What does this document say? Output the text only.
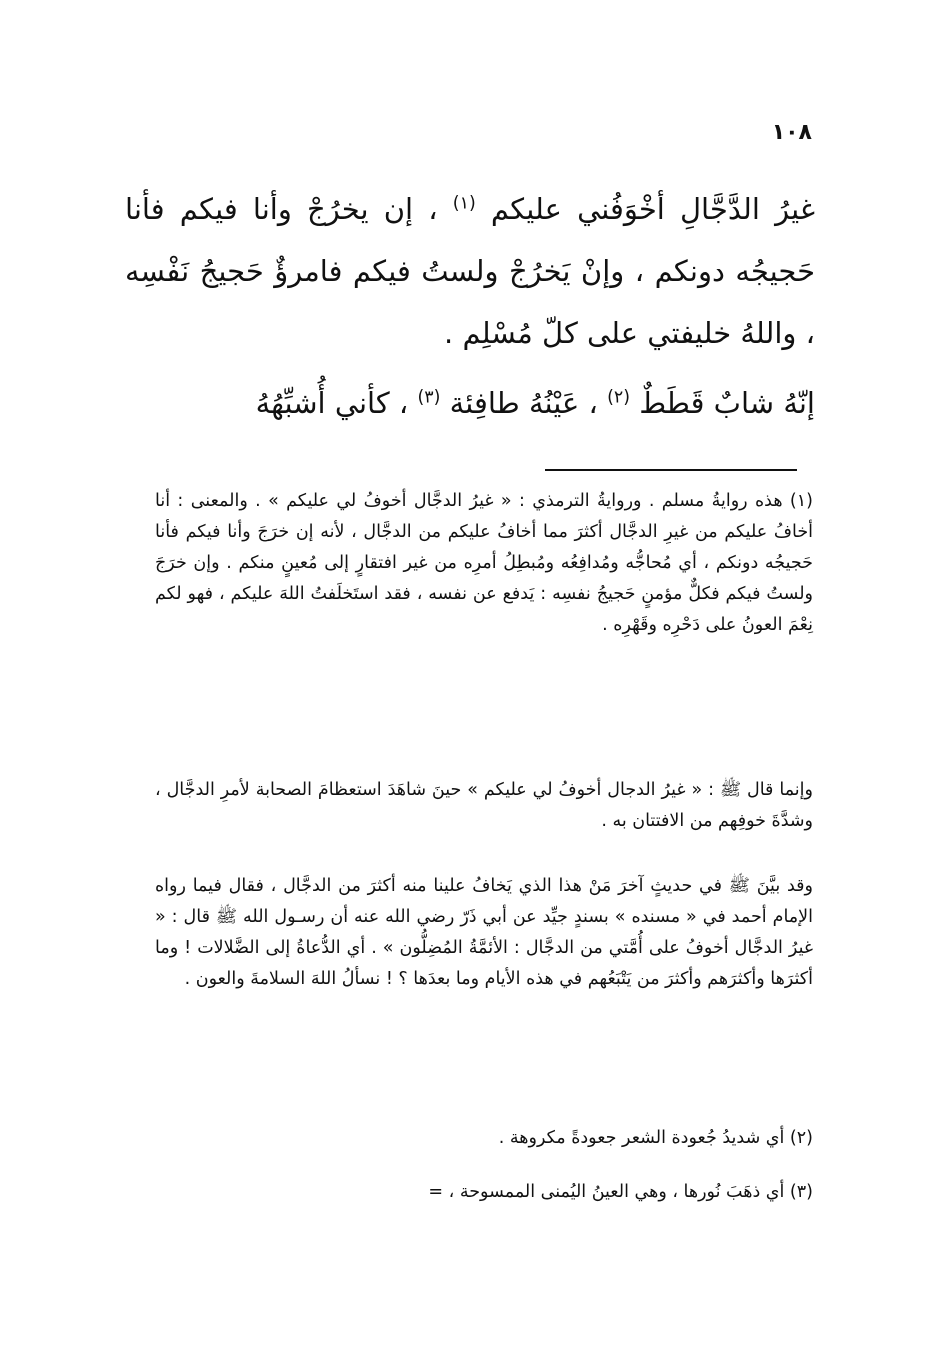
١٠٨
غيرُ الدَّجَّالِ أخْوَفُني عليكم $^{(١)}$ ، إن يخرُجْ وأنا فيكم فأنا حَجيجُه دونكم ، وإنْ يَخرُجْ ولستُ فيكم فامرؤٌ حَجيجُ نَفْسِه ، واللهُ خليفتي على كلّ مُسْلِم .
إنّهُ شابٌ قَطَطٌ $^{(٢)}$ ، عَيْنُهُ طافِئة $^{(٣)}$ ، كأني أُشبِّهُهُ
(١) هذه روايةُ مسلم . وروايةُ الترمذي : « غيرُ الدجَّال أخوفُ لي عليكم » . والمعنى : أنا أخافُ عليكم من غيرِ الدجَّال أكثرَ مما أخافُ عليكم من الدجَّال ، لأنه إن خرَجَ وأنا فيكم فأنا حَجيجُه دونكم ، أي مُحاجُّه ومُدافِعُه ومُبطِلُ أمرِه من غير افتقارٍ إلى مُعينٍ منكم . وإن خرَجَ ولستُ فيكم فكلٌّ مؤمنٍ حَجيجُ نفسِه : يَدفع عن نفسه ، فقد استَخلَفتُ اللهَ عليكم ، فهو لكم نِعْمَ العونُ على دَحْرِه وقَهْرِه .
وإنما قال ﷺ : « غيرُ الدجال أخوفُ لي عليكم » حينَ شاهَدَ استعظامَ الصحابة لأمرِ الدجَّال ، وشدَّةَ خوفِهم من الافتتان به .
وقد بيَّنَ ﷺ في حديثٍ آخرَ مَنْ هذا الذي يَخافُ علينا منه أكثرَ من الدجَّال ، فقال فيما رواه الإمام أحمد في « مسنده » بسندٍ جيِّد عن أبي ذَرّ رضي الله عنه أن رسـول الله ﷺ قال : « غيرُ الدجَّال أخوفُ على أُمَّتي من الدجَّال : الأئمَّةُ المُضِلُّون » . أي الدُّعاةُ إلى الضَّلالات ! وما أكثرَها وأكثرَهم وأكثرَ من يَتْبَعُهم في هذه الأيام وما بعدَها ؟ ! نسألُ اللهَ السلامةَ والعون .
(٢) أي شديدُ جُعودة الشعر جعودةً مكروهة .
(٣) أي ذهَبَ نُورها ، وهي العينُ اليُمنى الممسوحة ، =
